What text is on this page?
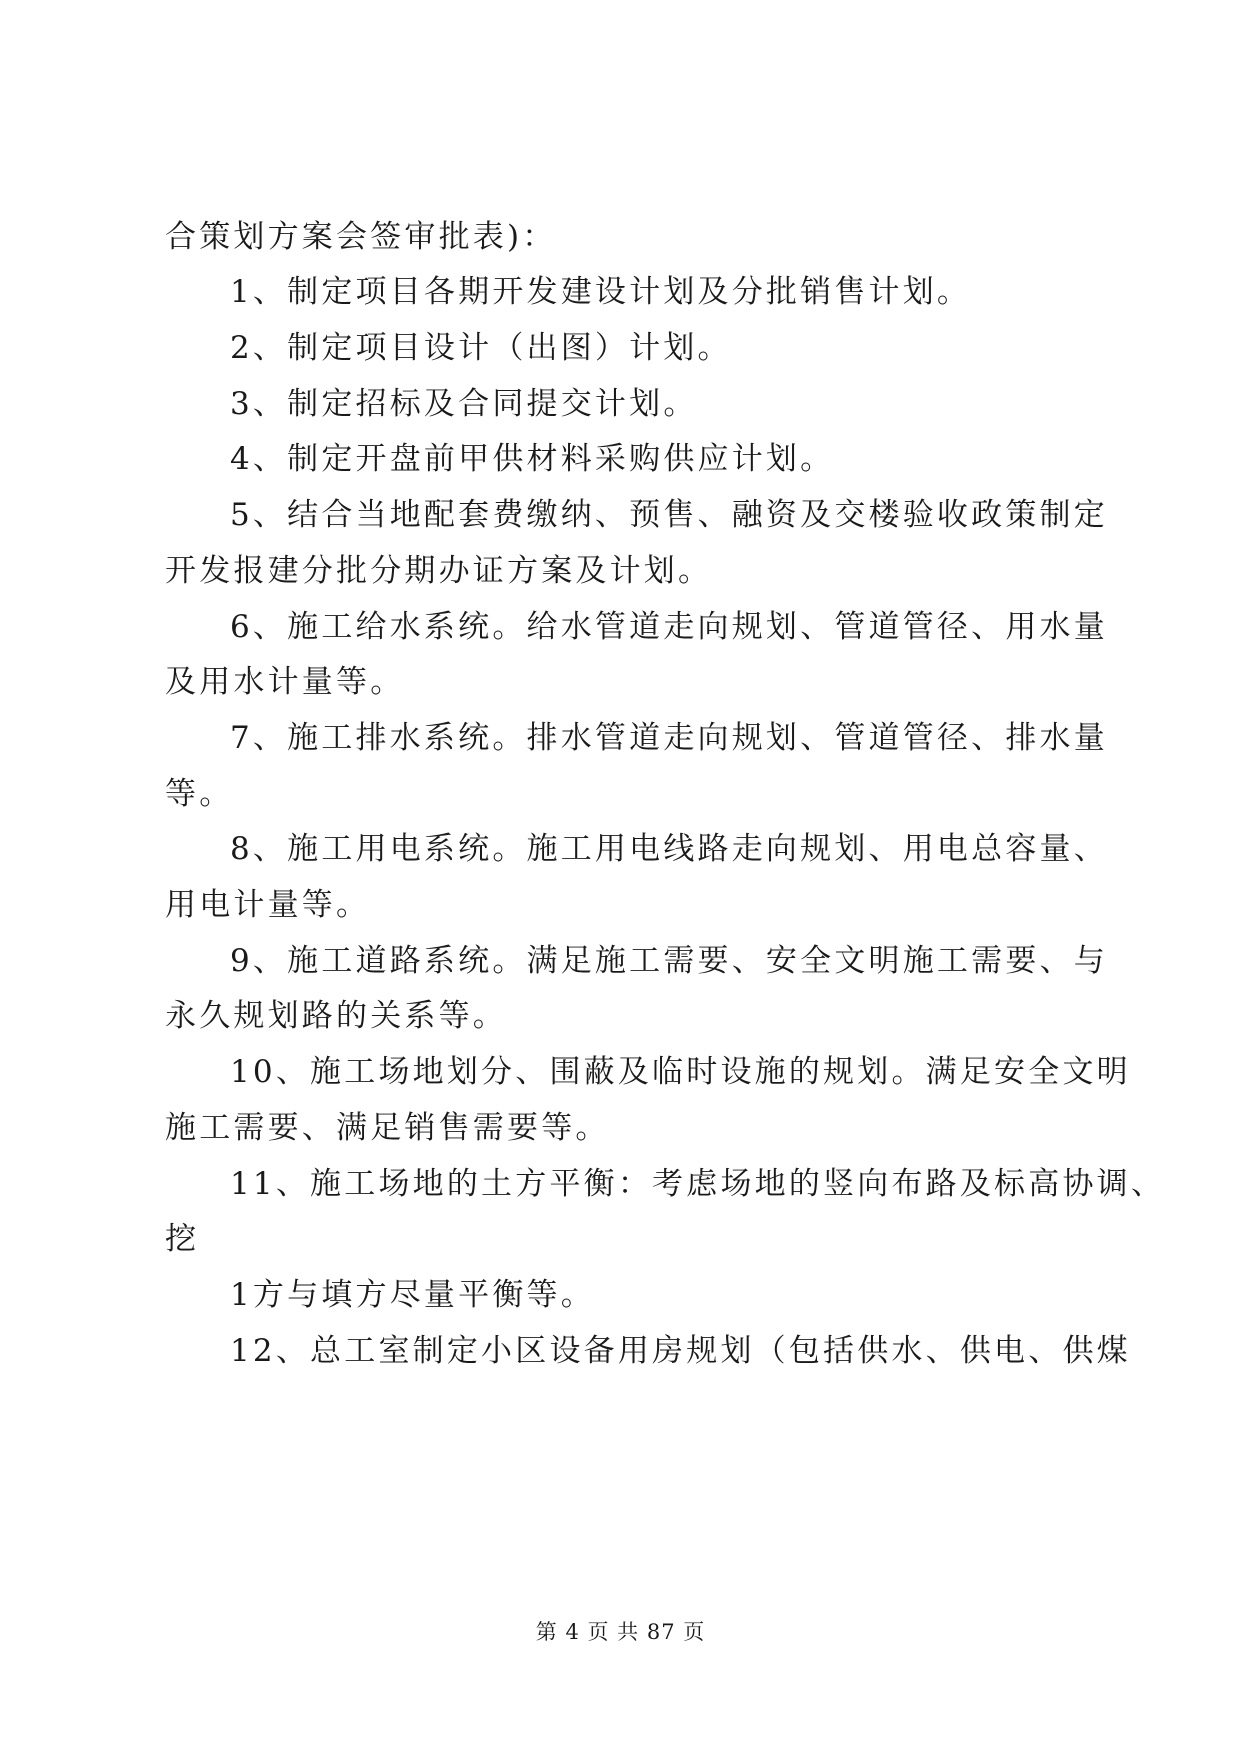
合策划方案会签审批表)：
1、制定项目各期开发建设计划及分批销售计划。
2、制定项目设计（出图）计划。
3、制定招标及合同提交计划。
4、制定开盘前甲供材料采购供应计划。
5、结合当地配套费缴纳、预售、融资及交楼验收政策制定
开发报建分批分期办证方案及计划。
6、施工给水系统。给水管道走向规划、管道管径、用水量
及用水计量等。
7、施工排水系统。排水管道走向规划、管道管径、排水量
等。
8、施工用电系统。施工用电线路走向规划、用电总容量、
用电计量等。
9、施工道路系统。满足施工需要、安全文明施工需要、与
永久规划路的关系等。
10、施工场地划分、围蔽及临时设施的规划。满足安全文明
施工需要、满足销售需要等。
11、施工场地的土方平衡：考虑场地的竖向布路及标高协调、
挖
1方与填方尽量平衡等。
12、总工室制定小区设备用房规划（包括供水、供电、供煤
第 4 页 共 87 页
